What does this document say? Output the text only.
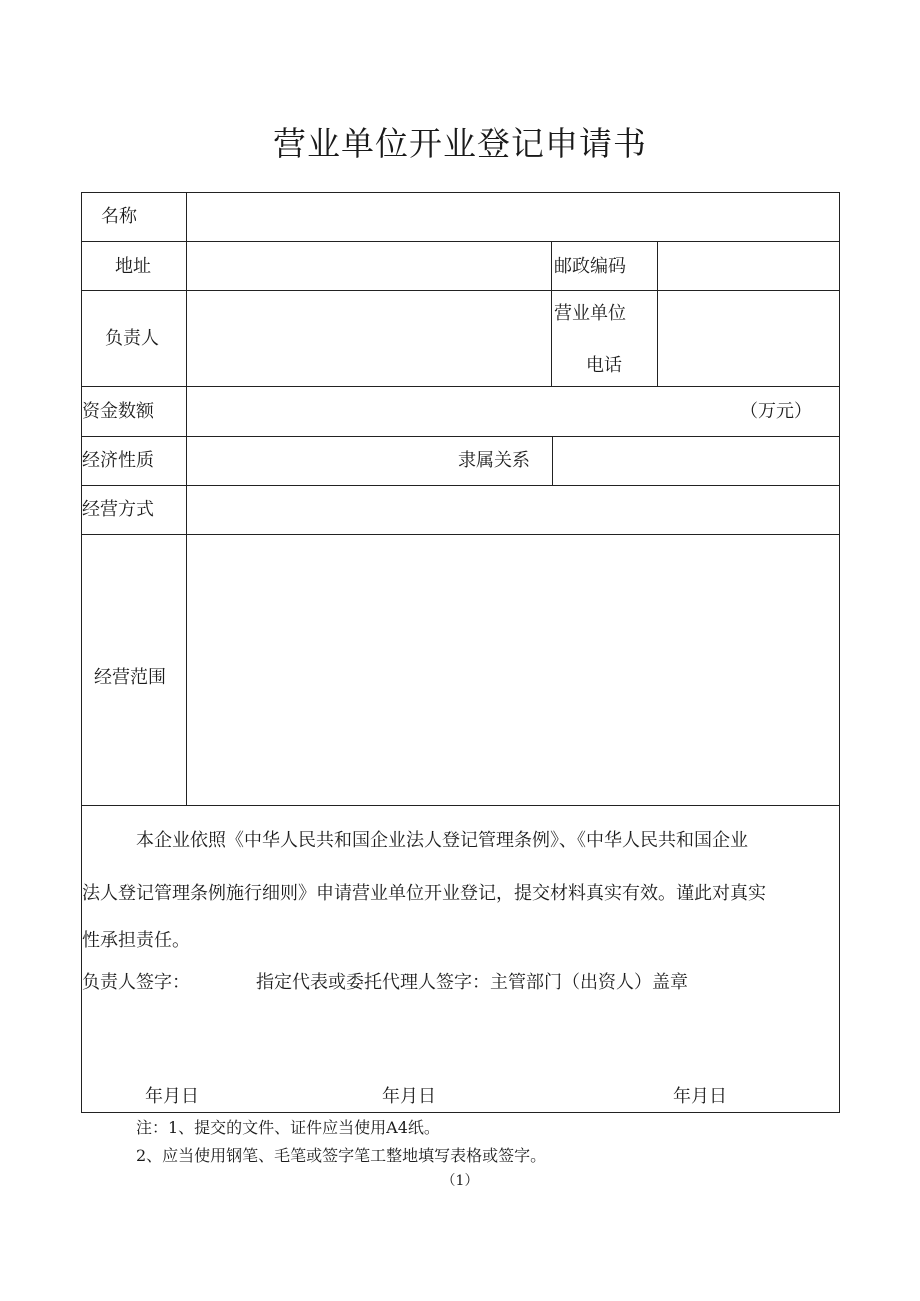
营业单位开业登记申请书
名称
地址	邮政编码
负责人
营业单位
电话
资金数额	（万元）
经济性质	隶属关系
经营方式
经营范围
本企业依照《中华人民共和国企业法人登记管理条例》、《中华人民共和国企业
法人登记管理条例施行细则》申请营业单位开业登记，提交材料真实有效。谨此对真实
性承担责任。
负责人签字：	指定代表或委托代理人签字：主管部门（出资人）盖章
年月日	年月日	年月日
注：1、提交的文件、证件应当使用A4纸。
2、应当使用钢笔、毛笔或签字笔工整地填写表格或签字。
（1）
